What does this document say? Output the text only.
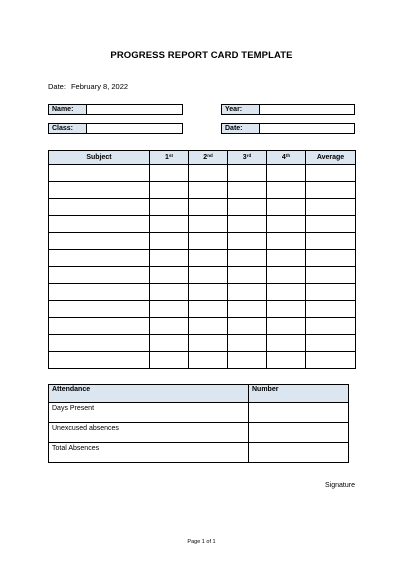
PROGRESS REPORT CARD TEMPLATE
Date: February 8, 2022
Name:	
Class:	
Year:	
Date:	
Subject	1st	2nd	3rd	4th	Average

Attendance	Number
Days Present	
Unexcused absences	
Total Absences	
Signature
Page 1 of 1
